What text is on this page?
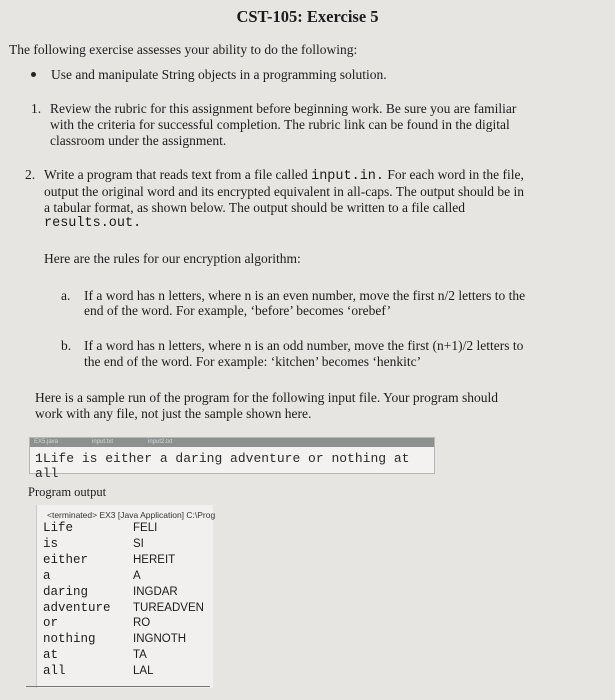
CST-105: Exercise 5
The following exercise assesses your ability to do the following:
Use and manipulate String objects in a programming solution.
1. Review the rubric for this assignment before beginning work. Be sure you are familiar
with the criteria for successful completion. The rubric link can be found in the digital
classroom under the assignment.
2. Write a program that reads text from a file called input.in. For each word in the file,
output the original word and its encrypted equivalent in all-caps. The output should be in
a tabular format, as shown below. The output should be written to a file called
results.out.
Here are the rules for our encryption algorithm:
a. If a word has n letters, where n is an even number, move the first n/2 letters to the
end of the word. For example, ‘before’ becomes ‘orebef’
b. If a word has n letters, where n is an odd number, move the first (n+1)/2 letters to
the end of the word. For example: ‘kitchen’ becomes ‘henkitc’
Here is a sample run of the program for the following input file. Your program should
work with any file, not just the sample shown here.
EX5.java	input.txt	input2.txt
1Life is either a daring adventure or nothing at all
Program output
<terminated> EX3 [Java Application] C:\Prog
Life	FELI
is	SI
either	HEREIT
a	A
daring	INGDAR
adventure TUREADVEN
or	RO
nothing	INGNOTH
at	TA
all	LAL
